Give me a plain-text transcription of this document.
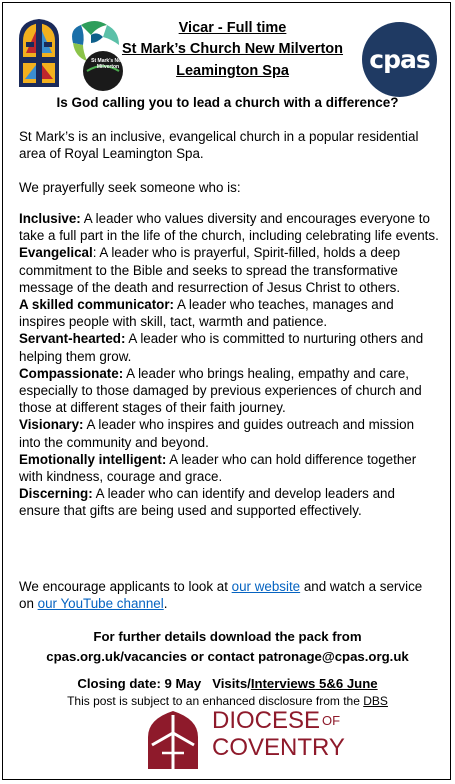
St Mark's New Milverton
Vicar - Full time
St Mark’s Church New Milverton
Leamington Spa	cpas
Is God calling you to lead a church with a difference?
St Mark’s is an inclusive, evangelical church in a popular residential area of Royal Leamington Spa.
We prayerfully seek someone who is:

Inclusive: A leader who values diversity and encourages everyone to take a full part in the life of the church, including celebrating life events.

Evangelical: A leader who is prayerful, Spirit-filled, holds a deep commitment to the Bible and seeks to spread the transformative message of the death and resurrection of Jesus Christ to others.

A skilled communicator: A leader who teaches, manages and inspires people with skill, tact, warmth and patience.

Servant-hearted: A leader who is committed to nurturing others and helping them grow.

Compassionate: A leader who brings healing, empathy and care, especially to those damaged by previous experiences of church and those at different stages of their faith journey.

Visionary: A leader who inspires and guides outreach and mission into the community and beyond.

Emotionally intelligent: A leader who can hold difference together with kindness, courage and grace.

Discerning: A leader who can identify and develop leaders and ensure that gifts are being used and supported effectively.

We encourage applicants to look at our website and watch a service on our YouTube channel.
For further details download the pack from
cpas.org.uk/vacancies or contact patronage@cpas.org.uk
Closing date: 9 May Visits/Interviews 5&6 June
This post is subject to an enhanced disclosure from the DBS
DIOCESE $^{OF}$
COVENTRY
